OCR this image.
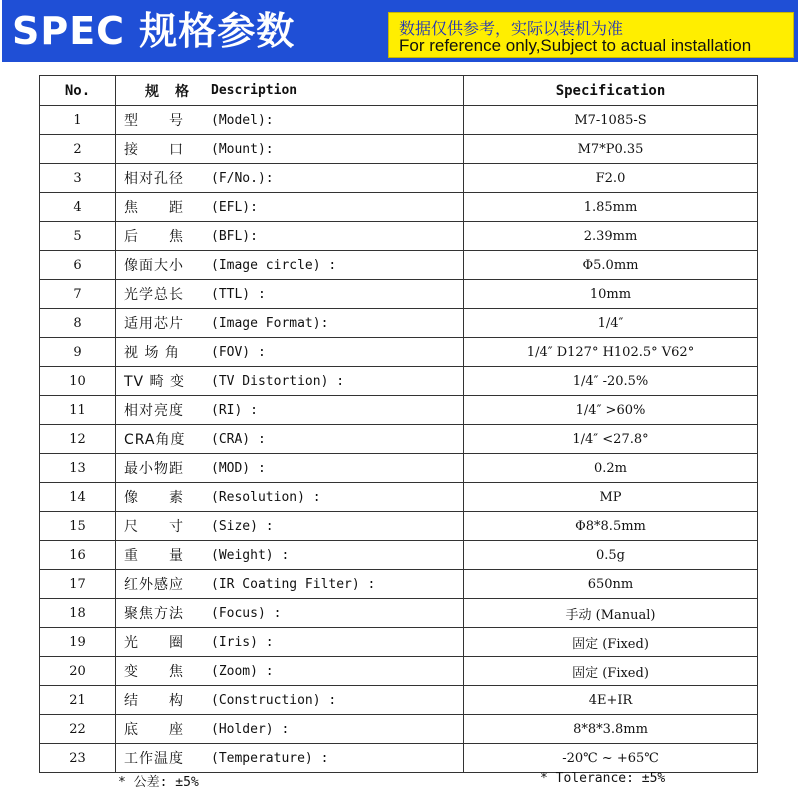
SPEC 规格参数	数据仅供参考，实际以装机为准
For reference only,Subject to actual installation
No.	规　格 Description	Specification
1	型　　号 (Model):	M7-1085-S
2	接　　口 (Mount):	M7*P0.35
3	相对孔径 (F/No.):	F2.0
4	焦　　距 (EFL):	1.85mm
5	后　　焦 (BFL):	2.39mm
6	像面大小 (Image circle) :	Φ5.0mm
7	光学总长 (TTL) :	10mm
8	适用芯片 (Image Format):	1/4″
9	视 场 角 (FOV) :	1/4″ D127° H102.5° V62°
10	TV 畸 变 (TV Distortion) :	1/4″ -20.5%
11	相对亮度 (RI) :	1/4″ >60%
12	CRA角度 (CRA) :	1/4″ <27.8°
13	最小物距 (MOD) :	0.2m
14	像　　素 (Resolution) :	MP
15	尺　　寸 (Size) :	Φ8*8.5mm
16	重　　量 (Weight) :	0.5g
17	红外感应 (IR Coating Filter) :	650nm
18	聚焦方法 (Focus) :	手动 (Manual)
19	光　　圈 (Iris) :	固定 (Fixed)
20	变　　焦 (Zoom) :	固定 (Fixed)
21	结　　构 (Construction) :	4E+IR
22	底　　座 (Holder) :	8*8*3.8mm
23	工作温度 (Temperature) :	-20℃ ~ +65℃
* 公差: ±5%	* Tolerance: ±5%
